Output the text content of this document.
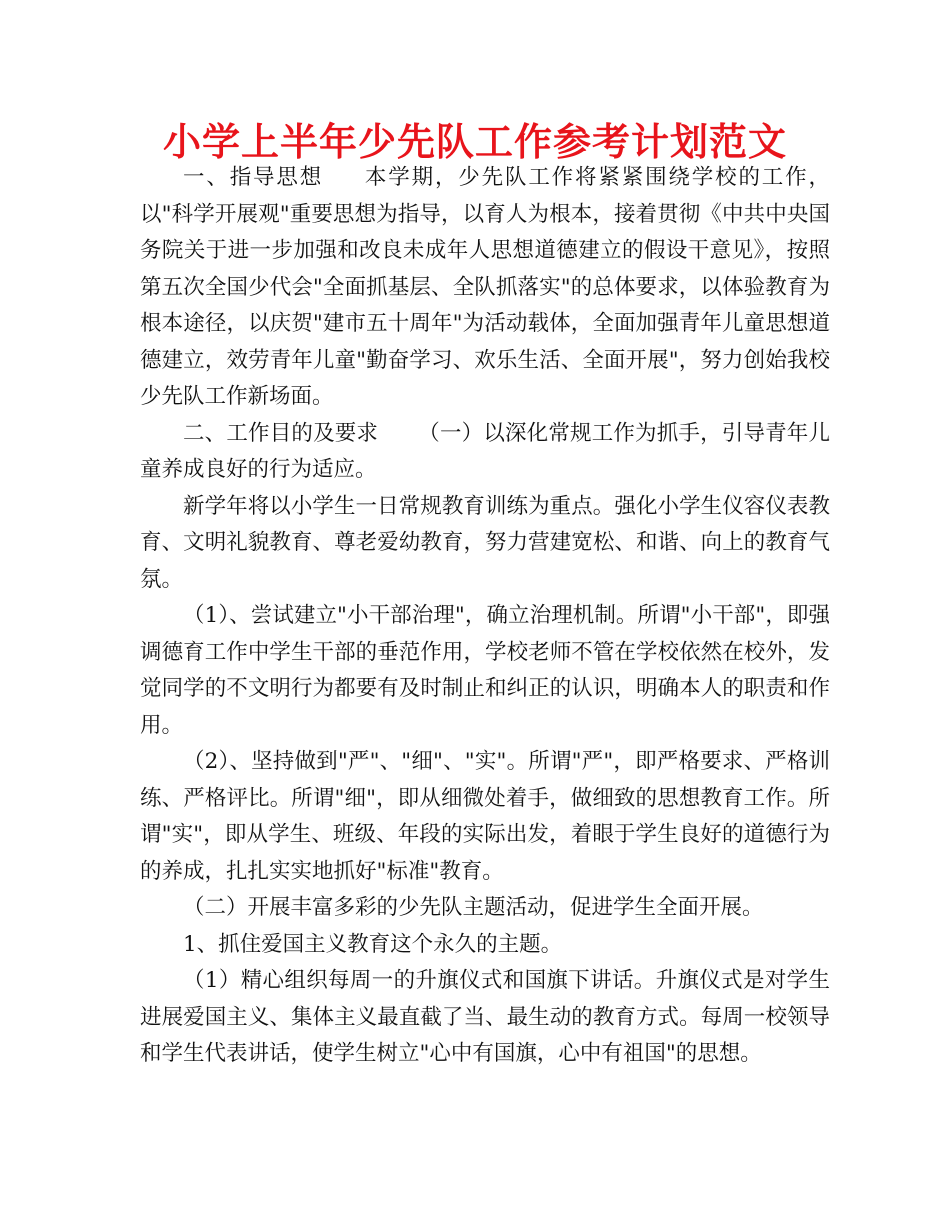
小学上半年少先队工作参考计划范文

一、指导思想 本学期，少先队工作将紧紧围绕学校的工作，以"科学开展观"重要思想为指导，以育人为根本，接着贯彻《中共中央国务院关于进一步加强和改良未成年人思想道德建立的假设干意见》，按照第五次全国少代会"全面抓基层、全队抓落实"的总体要求，以体验教育为根本途径，以庆贺"建市五十周年"为活动载体，全面加强青年儿童思想道德建立，效劳青年儿童"勤奋学习、欢乐生活、全面开展"，努力创始我校少先队工作新场面。

二、工作目的及要求 （一）以深化常规工作为抓手，引导青年儿童养成良好的行为适应。

新学年将以小学生一日常规教育训练为重点。强化小学生仪容仪表教育、文明礼貌教育、尊老爱幼教育，努力营建宽松、和谐、向上的教育气氛。

（1）、尝试建立"小干部治理"，确立治理机制。所谓"小干部"，即强调德育工作中学生干部的垂范作用，学校老师不管在学校依然在校外，发觉同学的不文明行为都要有及时制止和纠正的认识，明确本人的职责和作用。

（2）、坚持做到"严"、"细"、"实"。所谓"严"，即严格要求、严格训练、严格评比。所谓"细"，即从细微处着手，做细致的思想教育工作。所谓"实"，即从学生、班级、年段的实际出发，着眼于学生良好的道德行为的养成，扎扎实实地抓好"标准"教育。

（二）开展丰富多彩的少先队主题活动，促进学生全面开展。

1、抓住爱国主义教育这个永久的主题。

（1）精心组织每周一的升旗仪式和国旗下讲话。升旗仪式是对学生进展爱国主义、集体主义最直截了当、最生动的教育方式。每周一校领导和学生代表讲话，使学生树立"心中有国旗，心中有祖国"的思想。
